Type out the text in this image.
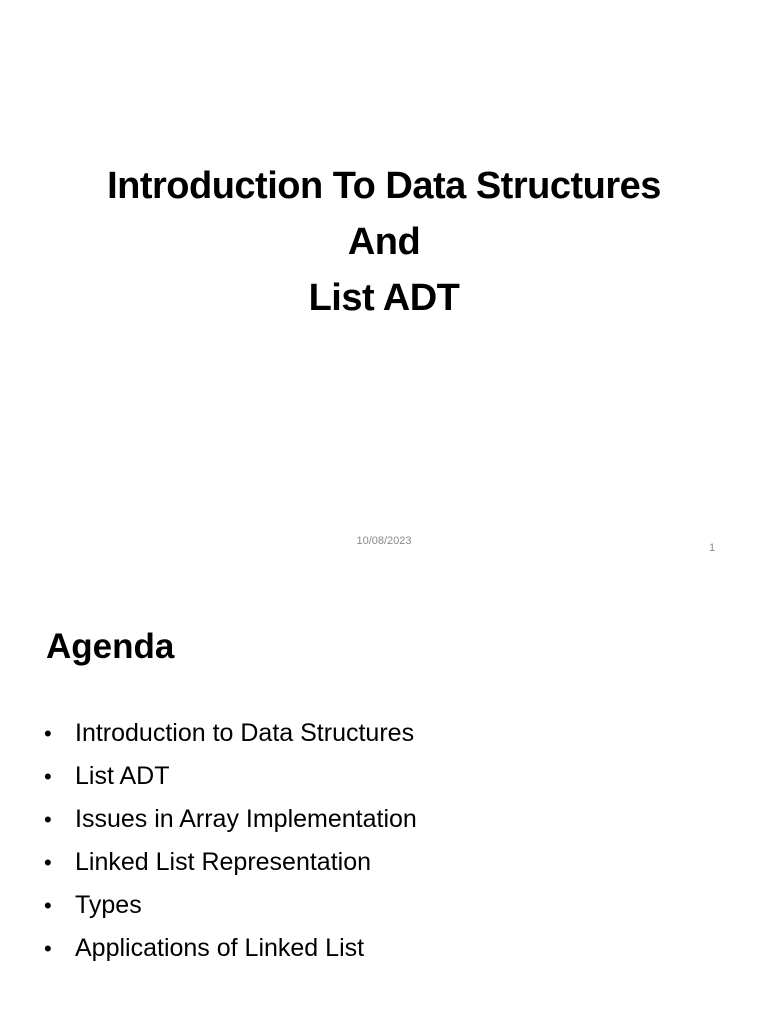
Introduction To Data Structures
And
List ADT
10/08/2023
1
Agenda
• Introduction to Data Structures
• List ADT
• Issues in Array Implementation
• Linked List Representation
• Types
• Applications of Linked List
